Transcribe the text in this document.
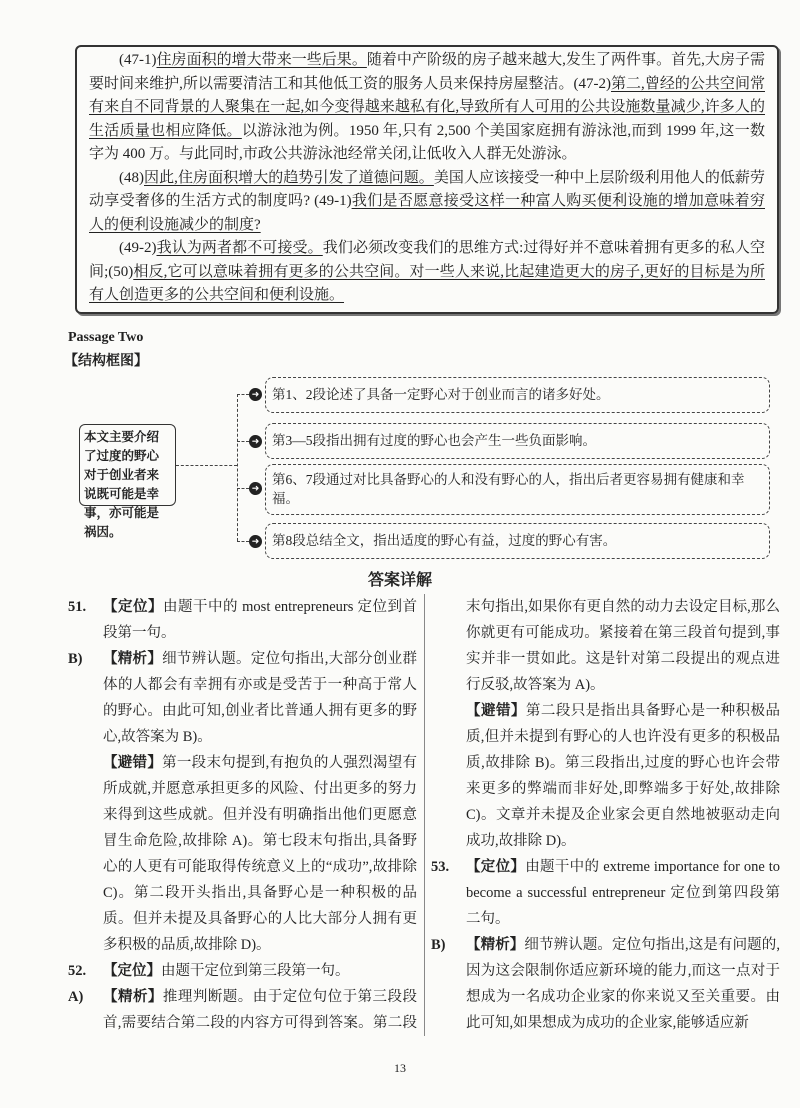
(47-1)住房面积的增大带来一些后果。随着中产阶级的房子越来越大,发生了两件事。首先,大房子需要时间来维护,所以需要清洁工和其他低工资的服务人员来保持房屋整洁。(47-2)第二,曾经的公共空间常有来自不同背景的人聚集在一起,如今变得越来越私有化,导致所有人可用的公共设施数量减少,许多人的生活质量也相应降低。以游泳池为例。1950 年,只有 2,500 个美国家庭拥有游泳池,而到 1999 年,这一数字为 400 万。与此同时,市政公共游泳池经常关闭,让低收入人群无处游泳。

(48)因此,住房面积增大的趋势引发了道德问题。美国人应该接受一种中上层阶级利用他人的低薪劳动享受奢侈的生活方式的制度吗? (49-1)我们是否愿意接受这样一种富人购买便利设施的增加意味着穷人的便利设施减少的制度?

(49-2)我认为两者都不可接受。我们必须改变我们的思维方式:过得好并不意味着拥有更多的私人空间;(50)相反,它可以意味着拥有更多的公共空间。对一些人来说,比起建造更大的房子,更好的目标是为所有人创造更多的公共空间和便利设施。

Passage Two
【结构框图】
本文主要介绍了过度的野心对于创业者来说既可能是幸事，亦可能是祸因。
➜
➜
➜
➜
第1、2段论述了具备一定野心对于创业而言的诸多好处。
第3—5段指出拥有过度的野心也会产生一些负面影响。
第6、7段通过对比具备野心的人和没有野心的人，指出后者更容易拥有健康和幸福。
第8段总结全文，指出适度的野心有益，过度的野心有害。
答案详解
51. 【定位】由题干中的 most entrepreneurs 定位到首段第一句。
B) 【精析】细节辨认题。定位句指出,大部分创业群体的人都会有幸拥有亦或是受苦于一种高于常人的野心。由此可知,创业者比普通人拥有更多的野心,故答案为 B)。
【避错】第一段末句提到,有抱负的人强烈渴望有所成就,并愿意承担更多的风险、付出更多的努力来得到这些成就。但并没有明确指出他们更愿意冒生命危险,故排除 A)。第七段末句指出,具备野心的人更有可能取得传统意义上的“成功”,故排除 C)。第二段开头指出,具备野心是一种积极的品质。但并未提及具备野心的人比大部分人拥有更多积极的品质,故排除 D)。
52. 【定位】由题干定位到第三段第一句。
A) 【精析】推理判断题。由于定位句位于第三段段首,需要结合第二段的内容方可得到答案。第二段末句指出,如果你有更自然的动力去设定目标,那么你就更有可能成功。紧接着在第三段首句提到,事实并非一贯如此。这是针对第二段提出的观点进行反驳,故答案为 A)。
【避错】第二段只是指出具备野心是一种积极品质,但并未提到有野心的人也许没有更多的积极品质,故排除 B)。第三段指出,过度的野心也许会带来更多的弊端而非好处,即弊端多于好处,故排除 C)。文章并未提及企业家会更自然地被驱动走向成功,故排除 D)。
53. 【定位】由题干中的 extreme importance for one to become a successful entrepreneur 定位到第四段第二句。
B) 【精析】细节辨认题。定位句指出,这是有问题的,因为这会限制你适应新环境的能力,而这一点对于想成为一名成功企业家的你来说又至关重要。由此可知,如果想成为成功的企业家,能够适应新
13
